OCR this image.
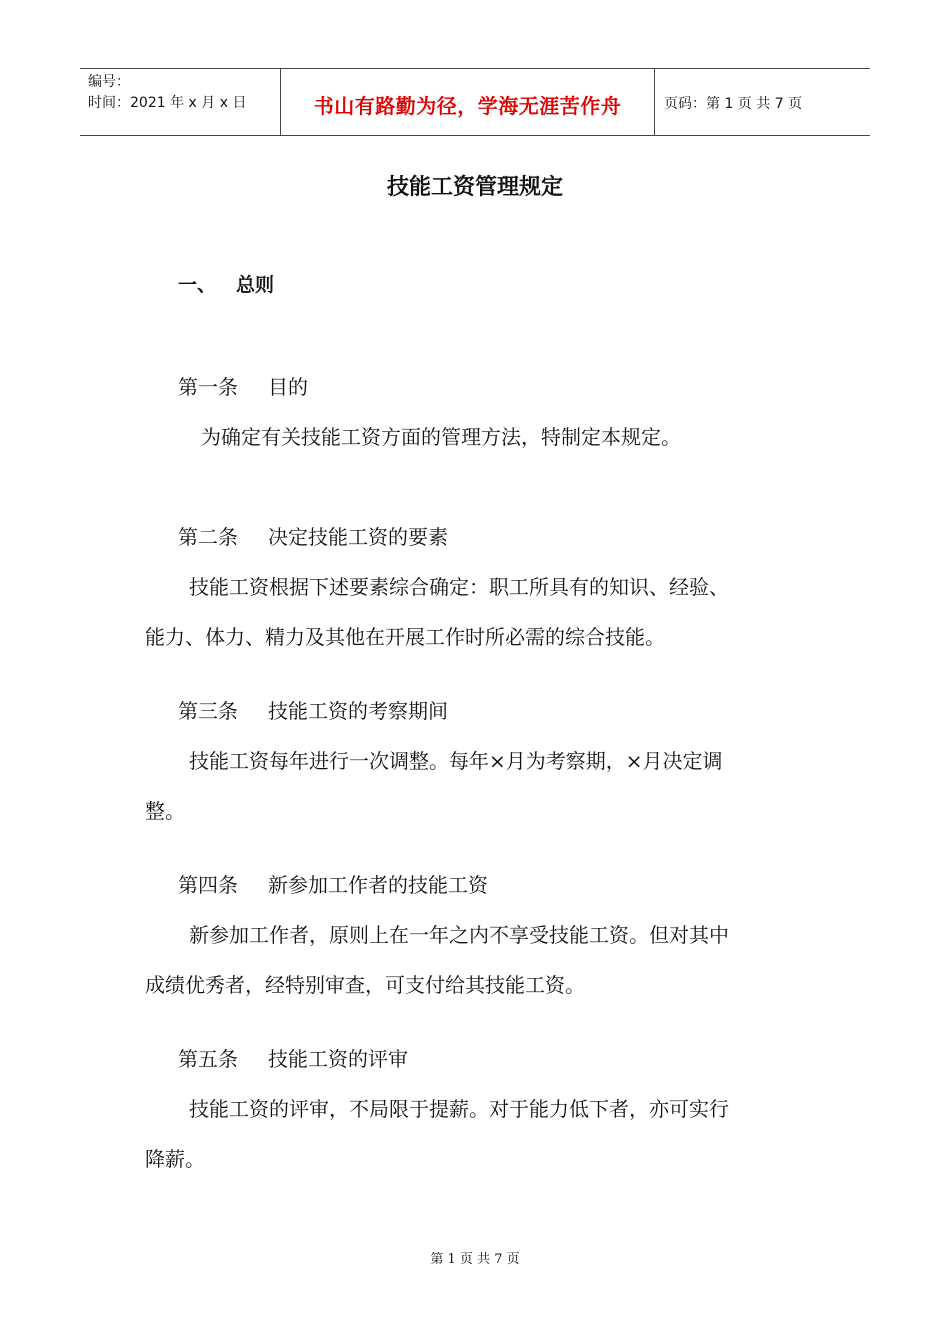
编号：
时间：2021 年 x 月 x 日	书山有路勤为径，学海无涯苦作舟	页码：第 1 页 共 7 页
技能工资管理规定
一、 总则
第一条 目的
为确定有关技能工资方面的管理方法，特制定本规定。
第二条 决定技能工资的要素
技能工资根据下述要素综合确定：职工所具有的知识、经验、
能力、体力、精力及其他在开展工作时所必需的综合技能。
第三条 技能工资的考察期间
技能工资每年进行一次调整。每年×月为考察期，×月决定调
整。
第四条 新参加工作者的技能工资
新参加工作者，原则上在一年之内不享受技能工资。但对其中
成绩优秀者，经特别审查，可支付给其技能工资。
第五条 技能工资的评审
技能工资的评审，不局限于提薪。对于能力低下者，亦可实行
降薪。
第 1 页 共 7 页
